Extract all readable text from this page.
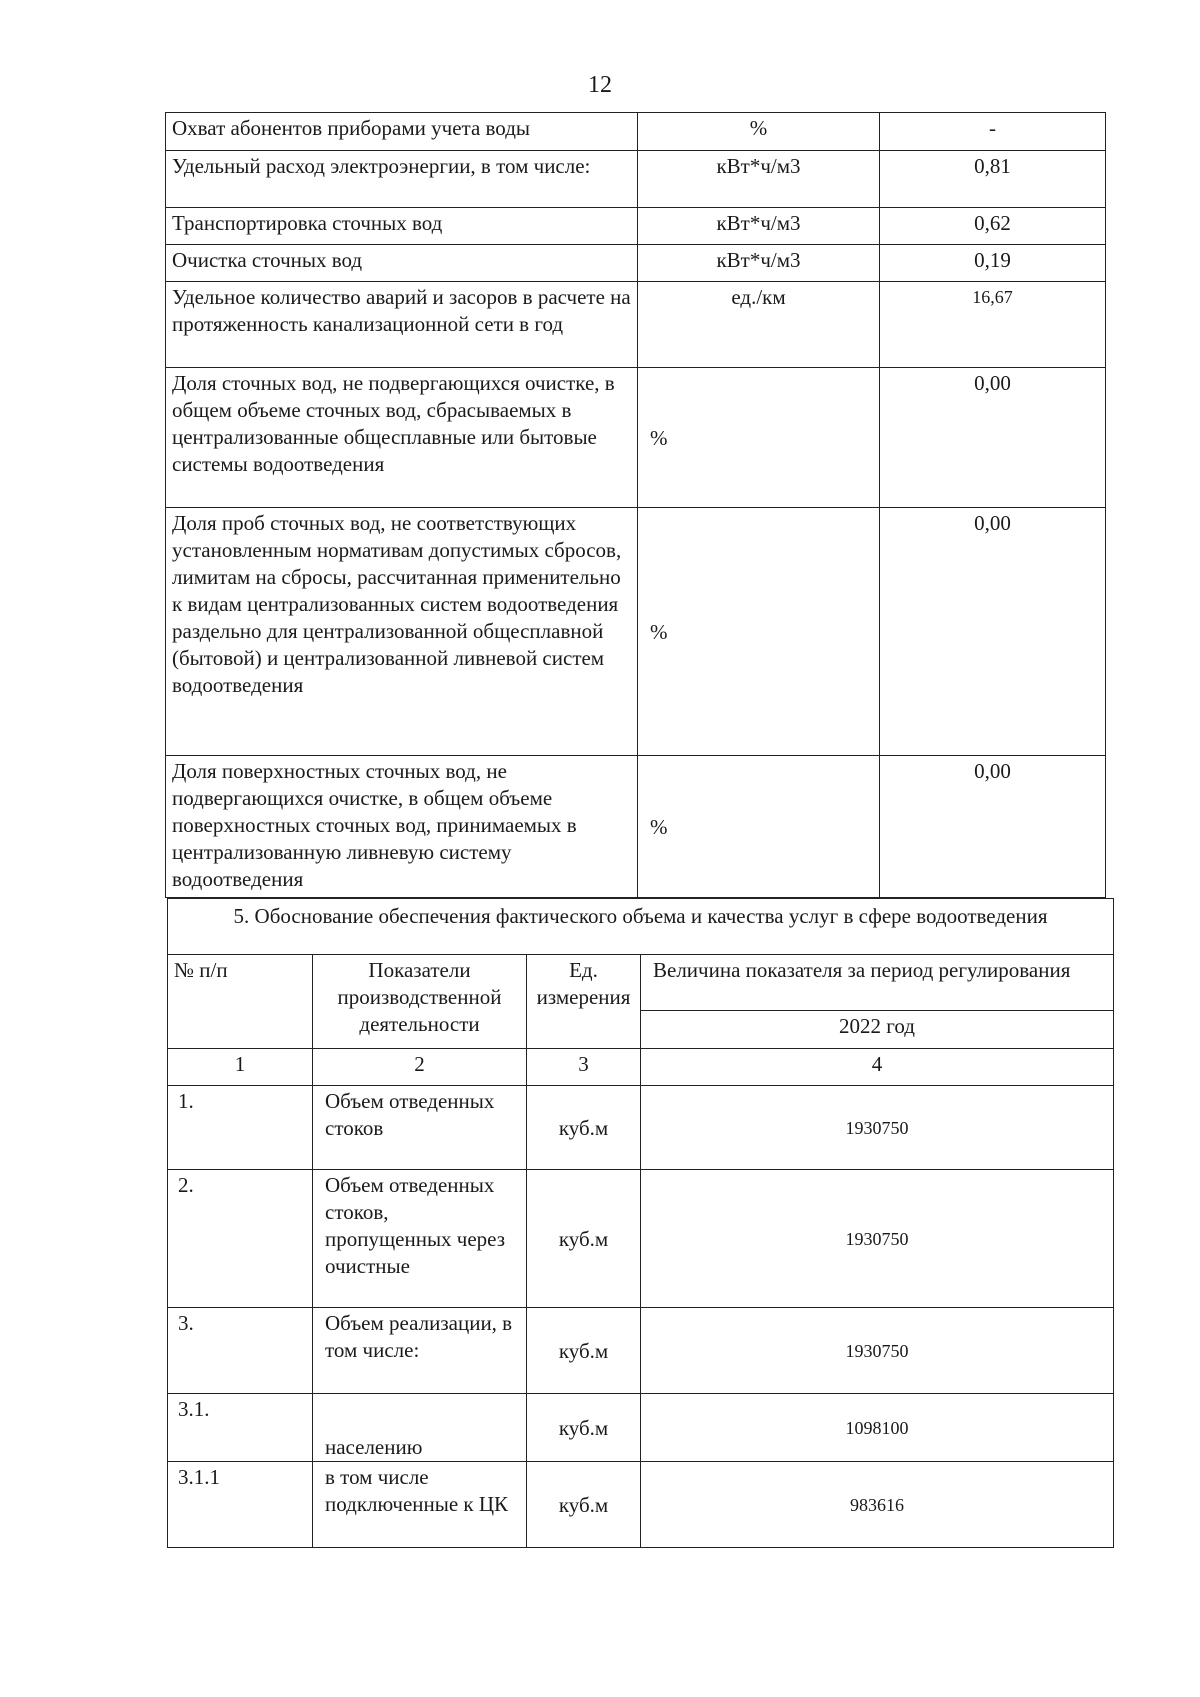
12
Охват абонентов приборами учета воды	%	-
Удельный расход электроэнергии, в том числе:	кВт*ч/м3	0,81
Транспортировка сточных вод	кВт*ч/м3	0,62
Очистка сточных вод	кВт*ч/м3	0,19
Удельное количество аварий и засоров в расчете на протяженность канализационной сети в год	ед./км	16,67
Доля сточных вод, не подвергающихся очистке, в общем объеме сточных вод, сбрасываемых в централизованные общесплавные или бытовые системы водоотведения	%	0,00
Доля проб сточных вод, не соответствующих установленным нормативам допустимых сбросов, лимитам на сбросы, рассчитанная применительно к видам централизованных систем водоотведения раздельно для централизованной общесплавной (бытовой) и централизованной ливневой систем водоотведения	%	0,00
Доля поверхностных сточных вод, не подвергающихся очистке, в общем объеме поверхностных сточных вод, принимаемых в централизованную ливневую систему водоотведения	%	0,00
5. Обоснование обеспечения фактического объема и качества услуг в сфере водоотведения			
№ п/п	Показатели производственной деятельности	Ед. измерения	Величина показателя за период регулирования
			2022 год
1	2	3	4
1.	Объем отведенных стоков	куб.м	1930750
2.	Объем отведенных стоков, пропущенных через очистные	куб.м	1930750
3.	Объем реализации, в том числе:	куб.м	1930750
3.1.	населению	куб.м	1098100
3.1.1	в том числе подключенные к ЦК	куб.м	983616
